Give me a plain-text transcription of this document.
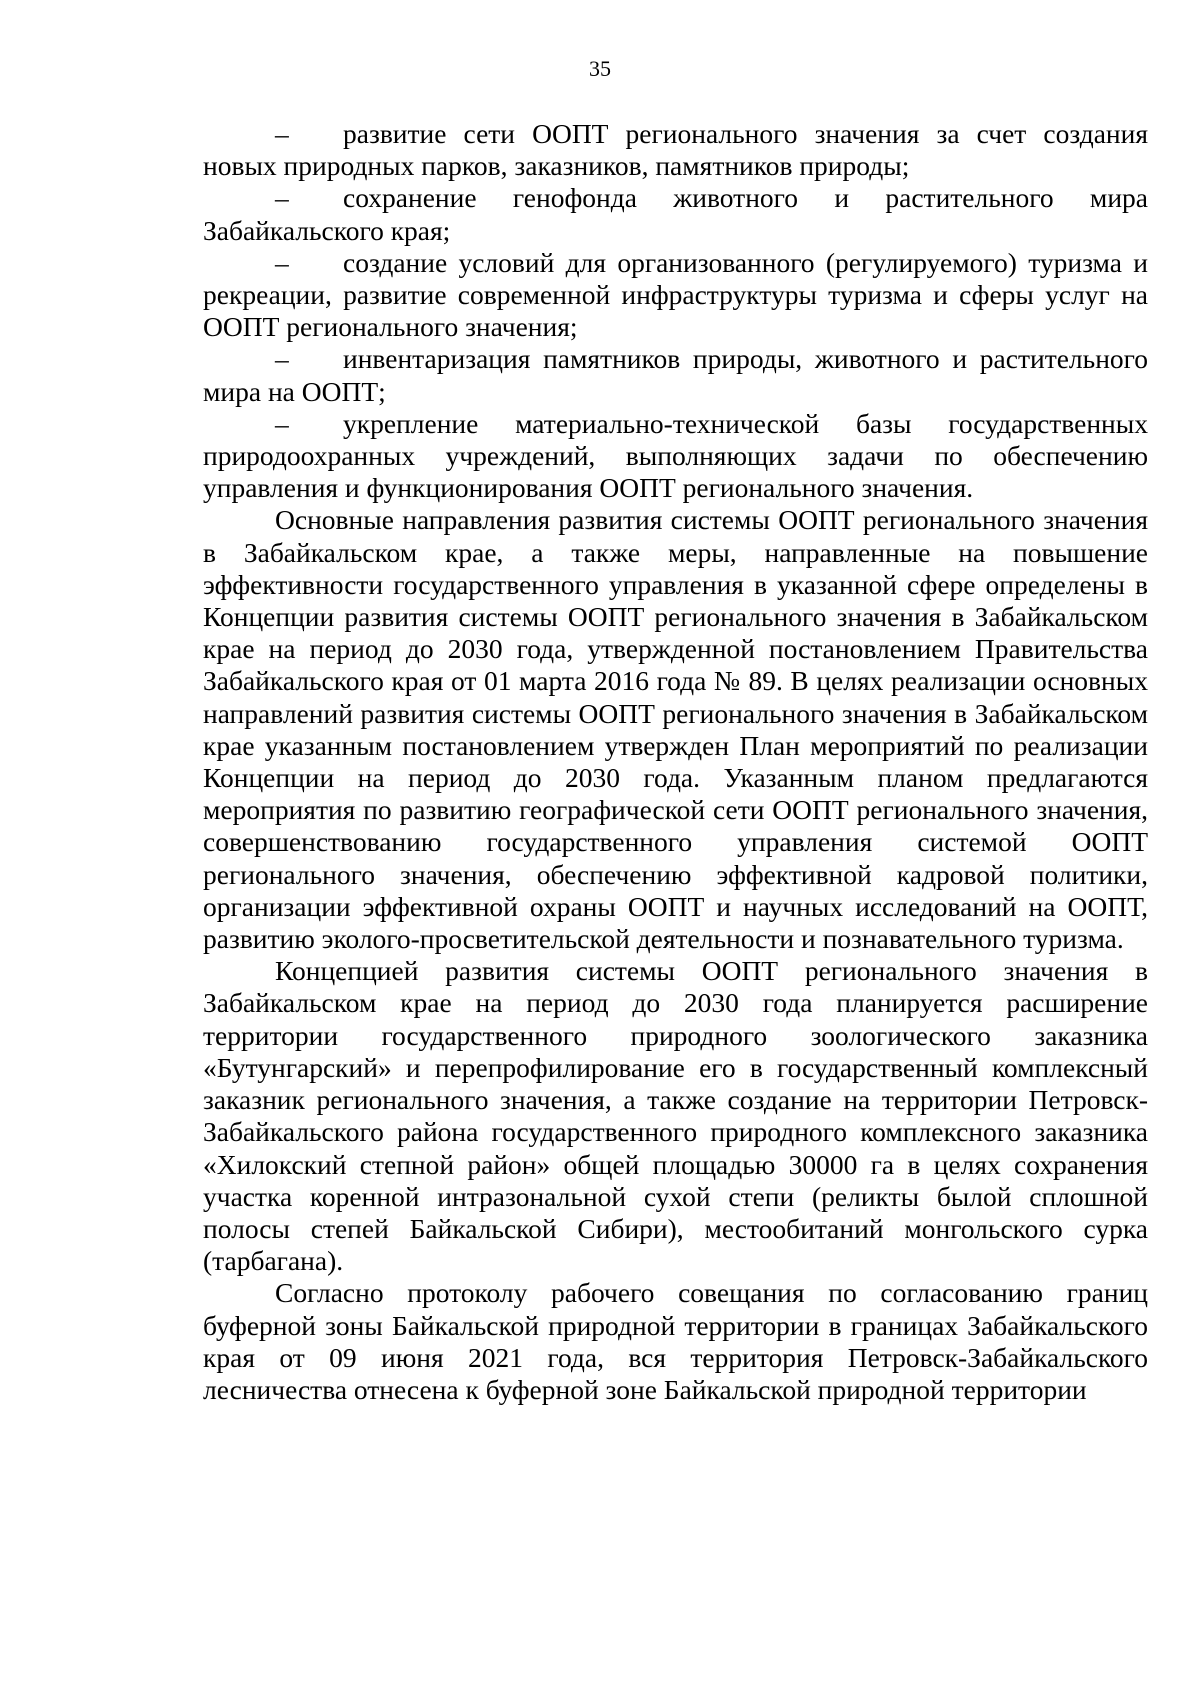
35

– развитие сети ООПТ регионального значения за счет создания новых природных парков, заказников, памятников природы;

– сохранение генофонда животного и растительного мира Забайкальского края;

– создание условий для организованного (регулируемого) туризма и рекреации, развитие современной инфраструктуры туризма и сферы услуг на ООПТ регионального значения;

– инвентаризация памятников природы, животного и растительного мира на ООПТ;

– укрепление материально-технической базы государственных природоохранных учреждений, выполняющих задачи по обеспечению управления и функционирования ООПТ регионального значения.

Основные направления развития системы ООПТ регионального значения в Забайкальском крае, а также меры, направленные на повышение эффективности государственного управления в указанной сфере определены в Концепции развития системы ООПТ регионального значения в Забайкальском крае на период до 2030 года, утвержденной постановлением Правительства Забайкальского края от 01 марта 2016 года № 89. В целях реализации основных направлений развития системы ООПТ регионального значения в Забайкальском крае указанным постановлением утвержден План мероприятий по реализации Концепции на период до 2030 года. Указанным планом предлагаются мероприятия по развитию географической сети ООПТ регионального значения, совершенствованию государственного управления системой ООПТ регионального значения, обеспечению эффективной кадровой политики, организации эффективной охраны ООПТ и научных исследований на ООПТ, развитию эколого-просветительской деятельности и познавательного туризма.

Концепцией развития системы ООПТ регионального значения в Забайкальском крае на период до 2030 года планируется расширение территории государственного природного зоологического заказника «Бутунгарский» и перепрофилирование его в государственный комплексный заказник регионального значения, а также создание на территории Петровск-Забайкальского района государственного природного комплексного заказника «Хилокский степной район» общей площадью 30000 га в целях сохранения участка коренной интразональной сухой степи (реликты былой сплошной полосы степей Байкальской Сибири), местообитаний монгольского сурка (тарбагана).

Согласно протоколу рабочего совещания по согласованию границ буферной зоны Байкальской природной территории в границах Забайкальского края от 09 июня 2021 года, вся территория Петровск-Забайкальского лесничества отнесена к буферной зоне Байкальской природной территории
